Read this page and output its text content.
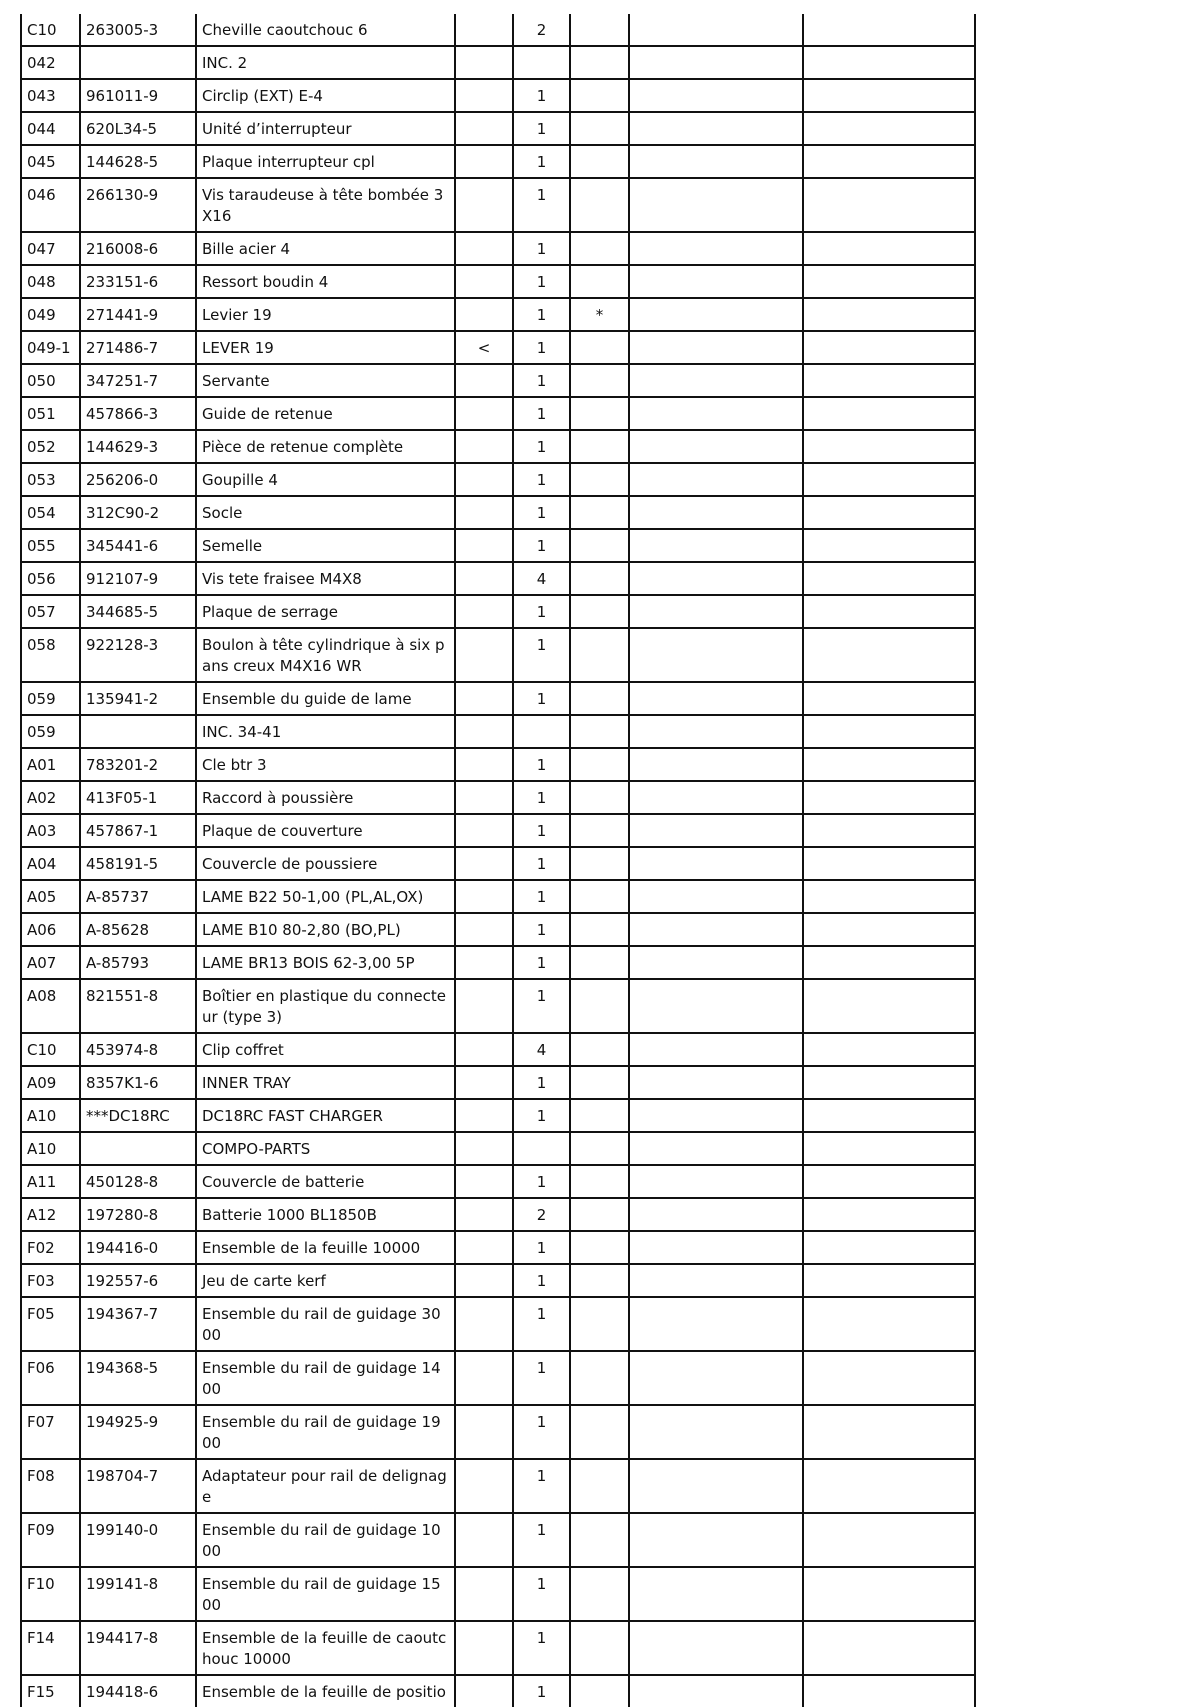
C10	263005-3	Cheville caoutchouc 6		2			
042		INC. 2					
043	961011-9	Circlip (EXT) E-4		1			
044	620L34-5	Unité d’interrupteur		1			
045	144628-5	Plaque interrupteur cpl		1			
046	266130-9	Vis taraudeuse à tête bombée 3X16		1			
047	216008-6	Bille acier 4		1			
048	233151-6	Ressort boudin 4		1			
049	271441-9	Levier 19		1	*		
049-1	271486-7	LEVER 19	<	1			
050	347251-7	Servante		1			
051	457866-3	Guide de retenue		1			
052	144629-3	Pièce de retenue complète		1			
053	256206-0	Goupille 4		1			
054	312C90-2	Socle		1			
055	345441-6	Semelle		1			
056	912107-9	Vis tete fraisee M4X8		4			
057	344685-5	Plaque de serrage		1			
058	922128-3	Boulon à tête cylindrique à six pans creux M4X16 WR		1			
059	135941-2	Ensemble du guide de lame		1			
059		INC. 34-41					
A01	783201-2	Cle btr 3		1			
A02	413F05-1	Raccord à poussière		1			
A03	457867-1	Plaque de couverture		1			
A04	458191-5	Couvercle de poussiere		1			
A05	A-85737	LAME B22 50-1,00 (PL,AL,OX)		1			
A06	A-85628	LAME B10 80-2,80 (BO,PL)		1			
A07	A-85793	LAME BR13 BOIS 62-3,00 5P		1			
A08	821551-8	Boîtier en plastique du connecteur (type 3)		1			
C10	453974-8	Clip coffret		4			
A09	8357K1-6	INNER TRAY		1			
A10	***DC18RC	DC18RC FAST CHARGER		1			
A10		COMPO-PARTS					
A11	450128-8	Couvercle de batterie		1			
A12	197280-8	Batterie 1000 BL1850B		2			
F02	194416-0	Ensemble de la feuille 10000		1			
F03	192557-6	Jeu de carte kerf		1			
F05	194367-7	Ensemble du rail de guidage 3000		1			
F06	194368-5	Ensemble du rail de guidage 1400		1			
F07	194925-9	Ensemble du rail de guidage 1900		1			
F08	198704-7	Adaptateur pour rail de delignage		1			
F09	199140-0	Ensemble du rail de guidage 1000		1			
F10	199141-8	Ensemble du rail de guidage 1500		1			
F14	194417-8	Ensemble de la feuille de caoutchouc 10000		1			
F15	194418-6	Ensemble de la feuille de positio		1			
